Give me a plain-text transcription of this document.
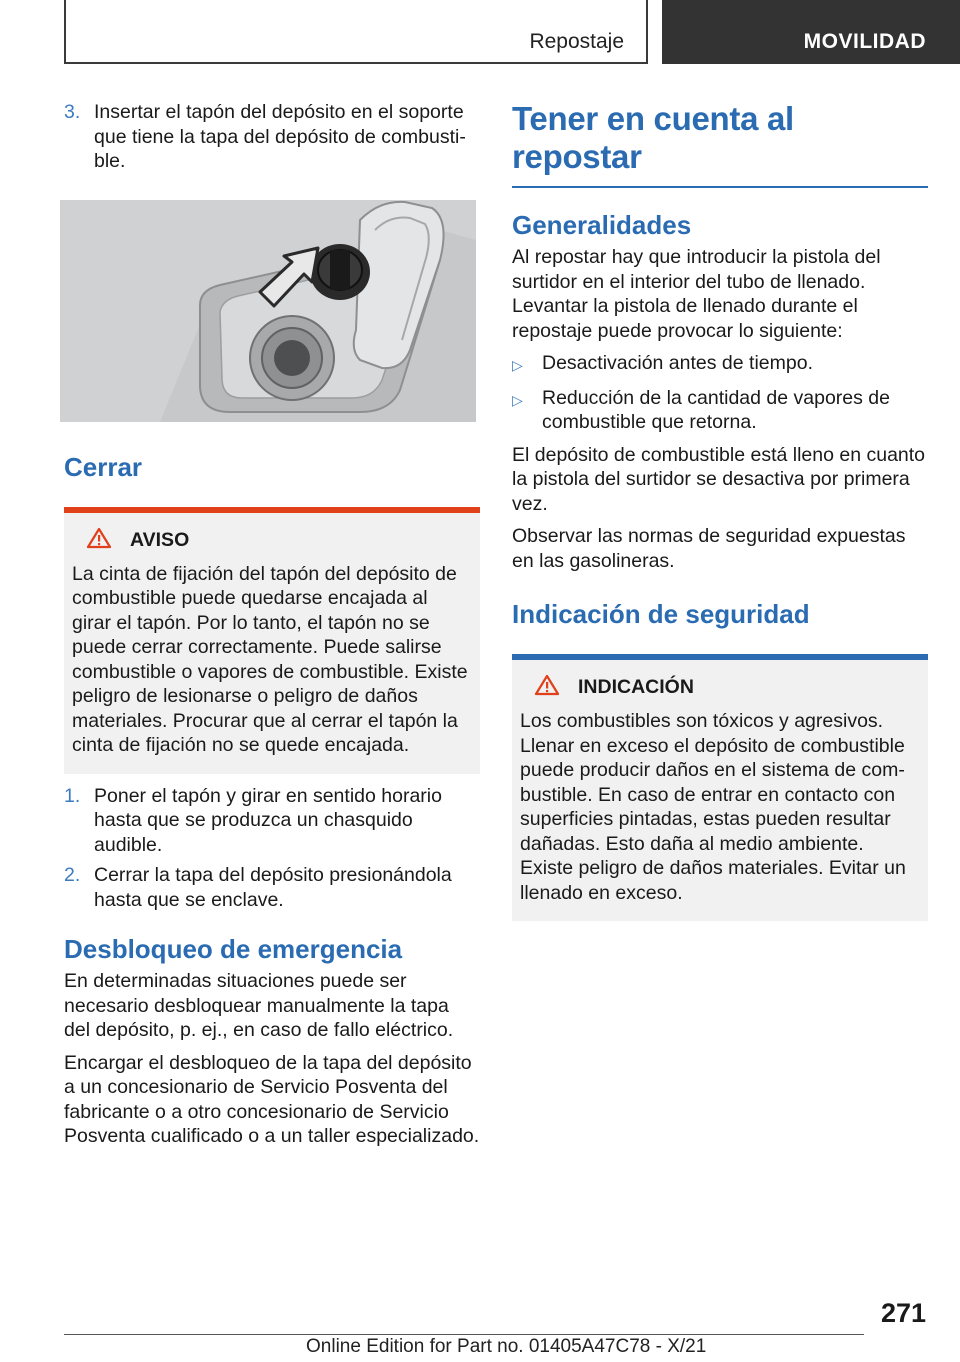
Repostaje	MOVILIDAD
3. Insertar el tapón del depósito en el soporte que tiene la tapa del depósito de combustible.
Cerrar
AVISO

La cinta de fijación del tapón del depósito de combustible puede quedarse encajada al girar el tapón. Por lo tanto, el tapón no se puede cerrar correctamente. Puede salirse combustible o vapores de combustible. Existe peligro de lesionarse o peligro de daños materiales. Procurar que al cerrar el tapón la cinta de fijación no se quede encajada.

1. Poner el tapón y girar en sentido horario hasta que se produzca un chasquido audible.
2. Cerrar la tapa del depósito presionándola hasta que se enclave.
Desbloqueo de emergencia

En determinadas situaciones puede ser necesario desbloquear manualmente la tapa del depósito, p. ej., en caso de fallo eléctrico.

Encargar el desbloqueo de la tapa del depósito a un concesionario de Servicio Posventa del fabricante o a otro concesionario de Servicio Posventa cualificado o a un taller especializado.

Tener en cuenta al repostar
Generalidades

Al repostar hay que introducir la pistola del surtidor en el interior del tubo de llenado. Levantar la pistola de llenado durante el repostaje puede provocar lo siguiente:

▷ Desactivación antes de tiempo.
▷ Reducción de la cantidad de vapores de combustible que retorna.

El depósito de combustible está lleno en cuanto la pistola del surtidor se desactiva por primera vez.

Observar las normas de seguridad expuestas en las gasolineras.

Indicación de seguridad
INDICACIÓN

Los combustibles son tóxicos y agresivos. Llenar en exceso el depósito de combustible puede producir daños en el sistema de combustible. En caso de entrar en contacto con superficies pintadas, estas pueden resultar dañadas. Esto daña al medio ambiente. Existe peligro de daños materiales. Evitar un llenado en exceso.

271
Online Edition for Part no. 01405A47C78 - X/21
